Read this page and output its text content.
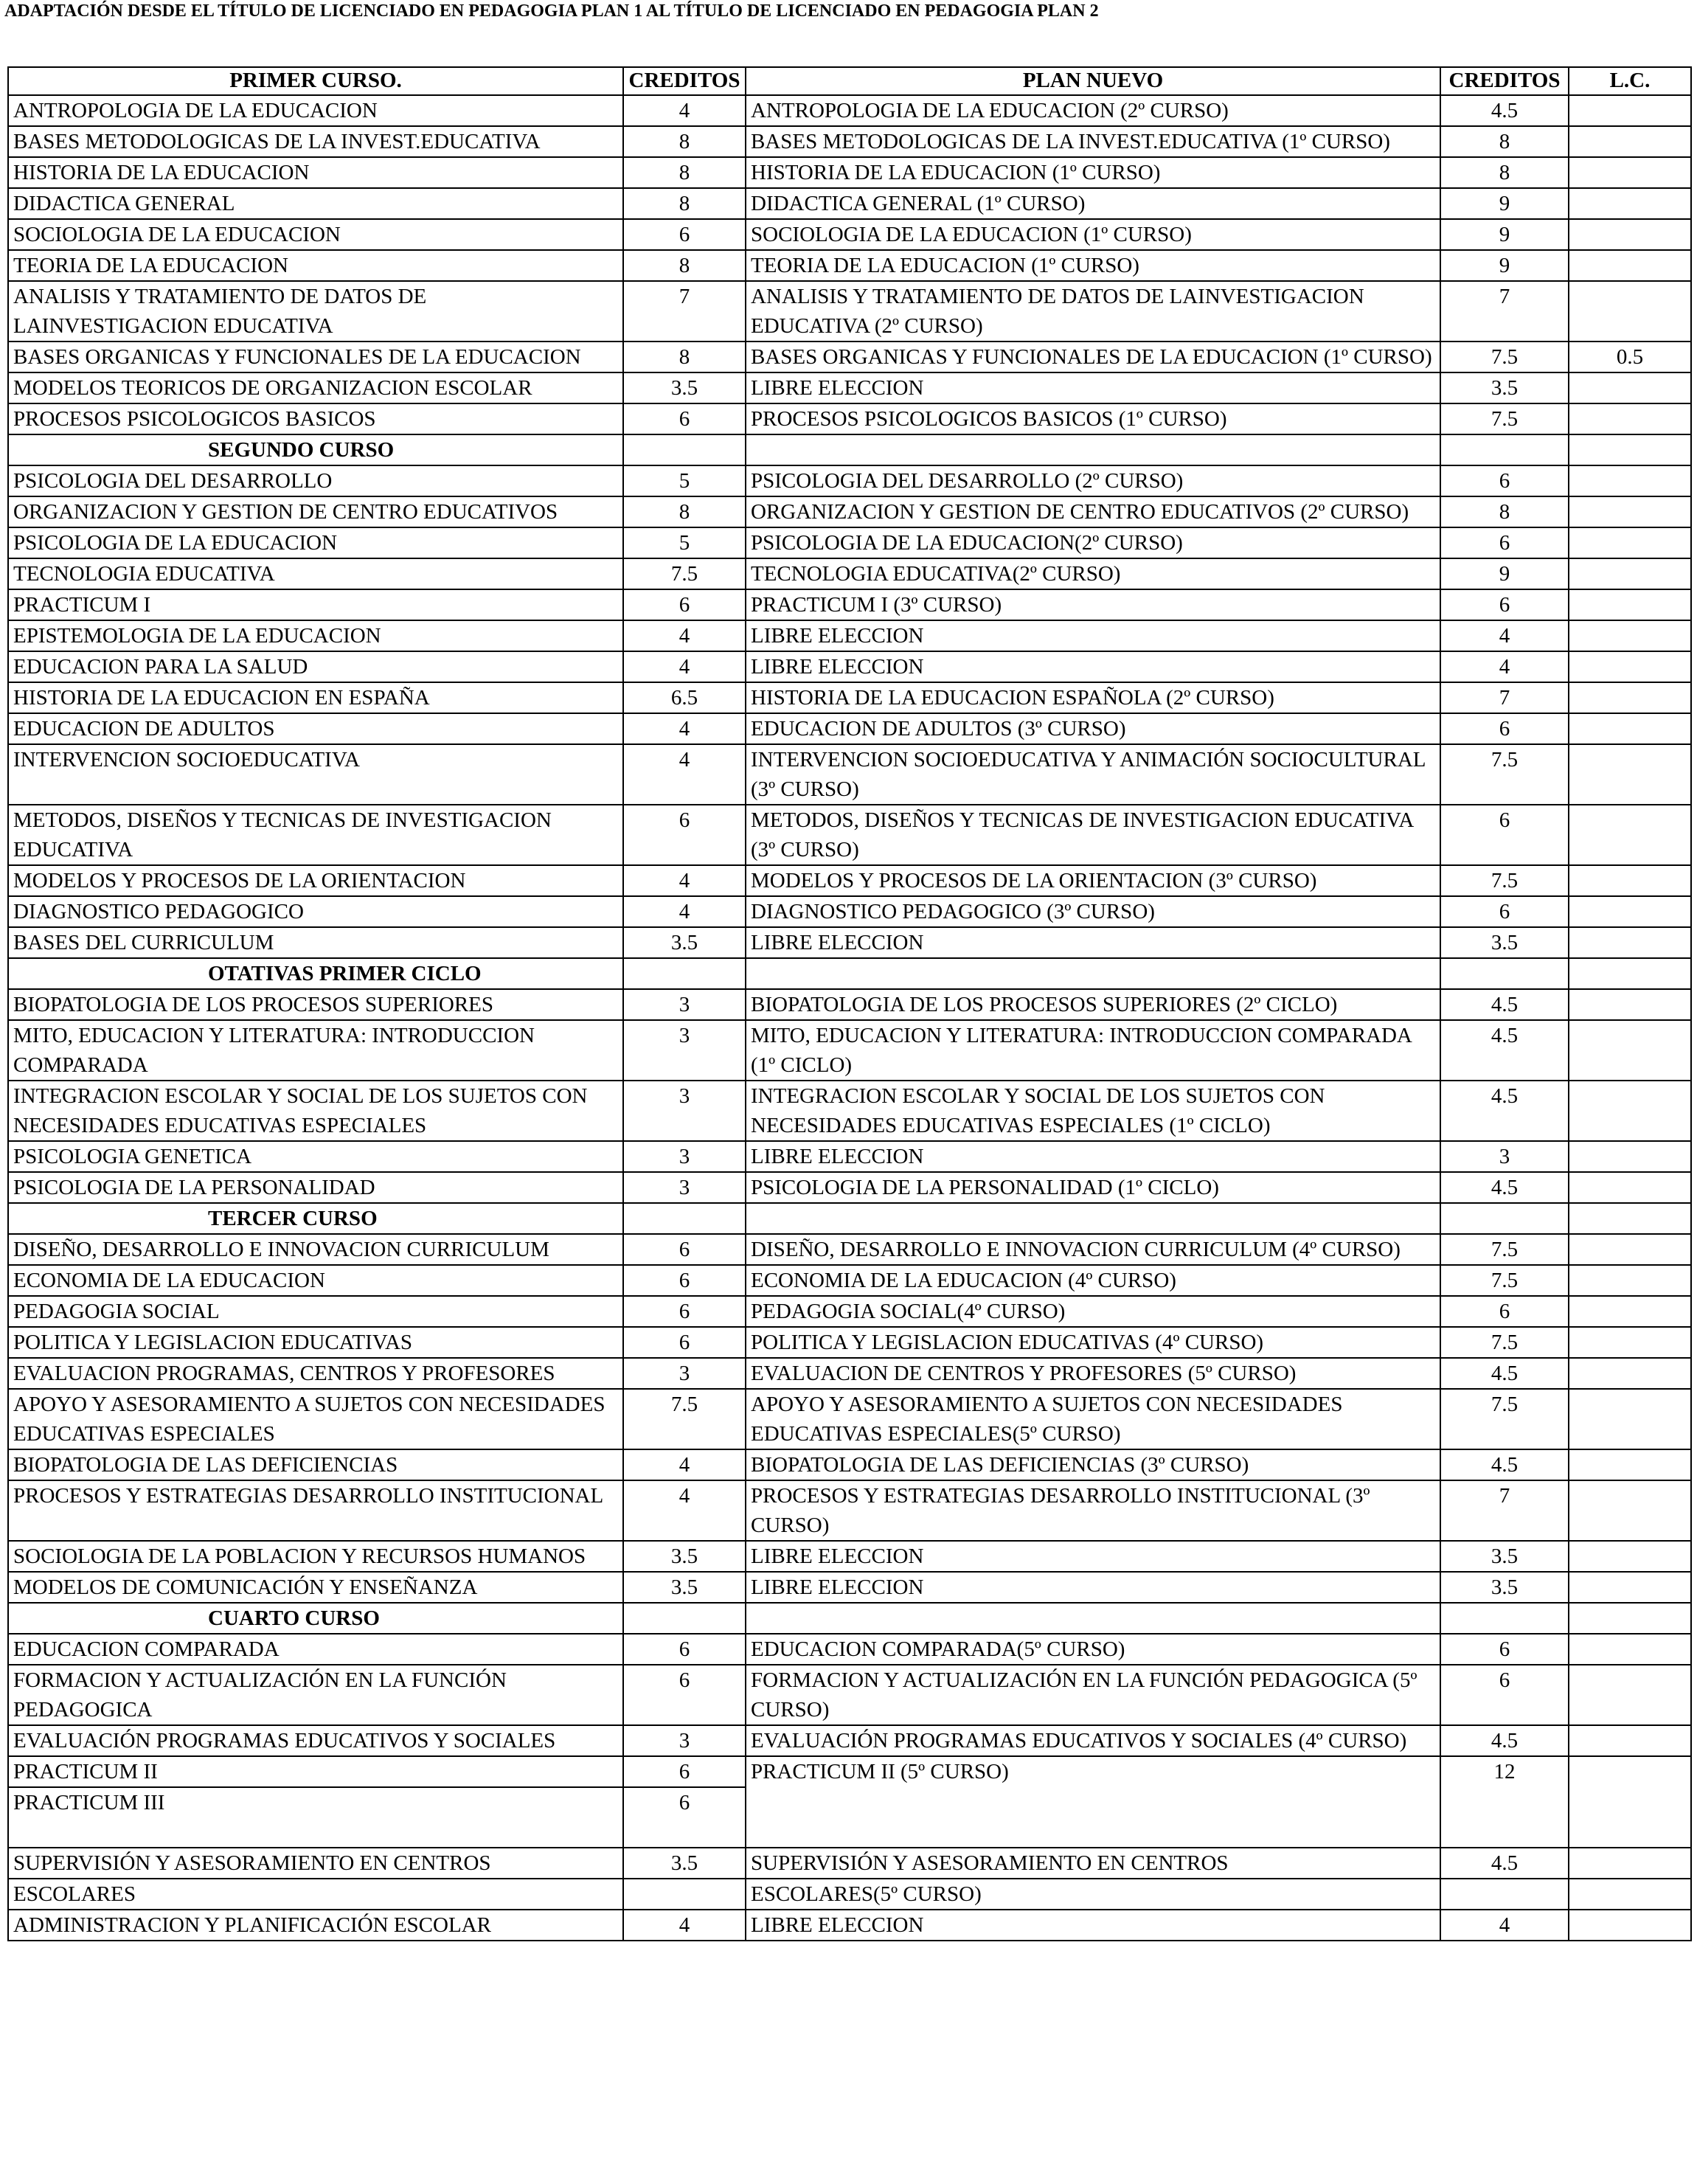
ADAPTACIÓN DESDE EL TÍTULO DE LICENCIADO EN PEDAGOGIA PLAN 1 AL TÍTULO DE LICENCIADO EN PEDAGOGIA PLAN 2
PRIMER CURSO.	CREDITOS	PLAN NUEVO	CREDITOS	L.C.
ANTROPOLOGIA DE LA EDUCACION	4	ANTROPOLOGIA DE LA EDUCACION (2º CURSO)	4.5	
BASES METODOLOGICAS DE LA INVEST.EDUCATIVA	8	BASES METODOLOGICAS DE LA INVEST.EDUCATIVA (1º CURSO)	8	
HISTORIA DE LA EDUCACION	8	HISTORIA DE LA EDUCACION (1º CURSO)	8	
DIDACTICA GENERAL	8	DIDACTICA GENERAL (1º CURSO)	9	
SOCIOLOGIA DE LA EDUCACION	6	SOCIOLOGIA DE LA EDUCACION (1º CURSO)	9	
TEORIA DE LA EDUCACION	8	TEORIA DE LA EDUCACION (1º CURSO)	9	
ANALISIS Y TRATAMIENTO DE DATOS DE LAINVESTIGACION EDUCATIVA	7	ANALISIS Y TRATAMIENTO DE DATOS DE LAINVESTIGACION EDUCATIVA (2º CURSO)	7	
BASES ORGANICAS Y FUNCIONALES DE LA EDUCACION	8	BASES ORGANICAS Y FUNCIONALES DE LA EDUCACION (1º CURSO)	7.5	0.5
MODELOS TEORICOS DE ORGANIZACION ESCOLAR	3.5	LIBRE ELECCION	3.5	
PROCESOS PSICOLOGICOS BASICOS	6	PROCESOS PSICOLOGICOS BASICOS (1º CURSO)	7.5	
SEGUNDO CURSO				
PSICOLOGIA DEL DESARROLLO	5	PSICOLOGIA DEL DESARROLLO (2º CURSO)	6	
ORGANIZACION Y GESTION DE CENTRO EDUCATIVOS	8	ORGANIZACION Y GESTION DE CENTRO EDUCATIVOS (2º CURSO)	8	
PSICOLOGIA DE LA EDUCACION	5	PSICOLOGIA DE LA EDUCACION(2º CURSO)	6	
TECNOLOGIA EDUCATIVA	7.5	TECNOLOGIA EDUCATIVA(2º CURSO)	9	
PRACTICUM I	6	PRACTICUM I (3º CURSO)	6	
EPISTEMOLOGIA DE LA EDUCACION	4	LIBRE ELECCION	4	
EDUCACION PARA LA SALUD	4	LIBRE ELECCION	4	
HISTORIA DE LA EDUCACION EN ESPAÑA	6.5	HISTORIA DE LA EDUCACION ESPAÑOLA (2º CURSO)	7	
EDUCACION DE ADULTOS	4	EDUCACION DE ADULTOS (3º CURSO)	6	
INTERVENCION SOCIOEDUCATIVA	4	INTERVENCION SOCIOEDUCATIVA Y ANIMACIÓN SOCIOCULTURAL (3º CURSO)	7.5	
METODOS, DISEÑOS Y TECNICAS DE INVESTIGACION EDUCATIVA	6	METODOS, DISEÑOS Y TECNICAS DE INVESTIGACION EDUCATIVA (3º CURSO)	6	
MODELOS Y PROCESOS DE LA ORIENTACION	4	MODELOS Y PROCESOS DE LA ORIENTACION (3º CURSO)	7.5	
DIAGNOSTICO PEDAGOGICO	4	DIAGNOSTICO PEDAGOGICO (3º CURSO)	6	
BASES DEL CURRICULUM	3.5	LIBRE ELECCION	3.5	
OTATIVAS PRIMER CICLO				
BIOPATOLOGIA DE LOS PROCESOS SUPERIORES	3	BIOPATOLOGIA DE LOS PROCESOS SUPERIORES (2º CICLO)	4.5	
MITO, EDUCACION Y LITERATURA: INTRODUCCION COMPARADA	3	MITO, EDUCACION Y LITERATURA: INTRODUCCION COMPARADA (1º CICLO)	4.5	
INTEGRACION ESCOLAR Y SOCIAL DE LOS SUJETOS CON NECESIDADES EDUCATIVAS ESPECIALES	3	INTEGRACION ESCOLAR Y SOCIAL DE LOS SUJETOS CON NECESIDADES EDUCATIVAS ESPECIALES (1º CICLO)	4.5	
PSICOLOGIA GENETICA	3	LIBRE ELECCION	3	
PSICOLOGIA DE LA PERSONALIDAD	3	PSICOLOGIA DE LA PERSONALIDAD (1º CICLO)	4.5	
TERCER CURSO				
DISEÑO, DESARROLLO E INNOVACION CURRICULUM	6	DISEÑO, DESARROLLO E INNOVACION CURRICULUM (4º CURSO)	7.5	
ECONOMIA DE LA EDUCACION	6	ECONOMIA DE LA EDUCACION (4º CURSO)	7.5	
PEDAGOGIA SOCIAL	6	PEDAGOGIA SOCIAL(4º CURSO)	6	
POLITICA Y LEGISLACION EDUCATIVAS	6	POLITICA Y LEGISLACION EDUCATIVAS (4º CURSO)	7.5	
EVALUACION PROGRAMAS, CENTROS Y PROFESORES	3	EVALUACION DE CENTROS Y PROFESORES (5º CURSO)	4.5	
APOYO Y ASESORAMIENTO A SUJETOS CON NECESIDADES EDUCATIVAS ESPECIALES	7.5	APOYO Y ASESORAMIENTO A SUJETOS CON NECESIDADES EDUCATIVAS ESPECIALES(5º CURSO)	7.5	
BIOPATOLOGIA DE LAS DEFICIENCIAS	4	BIOPATOLOGIA DE LAS DEFICIENCIAS (3º CURSO)	4.5	
PROCESOS Y ESTRATEGIAS DESARROLLO INSTITUCIONAL	4	PROCESOS Y ESTRATEGIAS DESARROLLO INSTITUCIONAL (3º CURSO)	7	
SOCIOLOGIA DE LA POBLACION Y RECURSOS HUMANOS	3.5	LIBRE ELECCION	3.5	
MODELOS DE COMUNICACIÓN Y ENSEÑANZA	3.5	LIBRE ELECCION	3.5	
CUARTO CURSO				
EDUCACION COMPARADA	6	EDUCACION COMPARADA(5º CURSO)	6	
FORMACION Y ACTUALIZACIÓN EN LA FUNCIÓN PEDAGOGICA	6	FORMACION Y ACTUALIZACIÓN EN LA FUNCIÓN PEDAGOGICA (5º CURSO)	6	
EVALUACIÓN PROGRAMAS EDUCATIVOS Y SOCIALES	3	EVALUACIÓN PROGRAMAS EDUCATIVOS Y SOCIALES (4º CURSO)	4.5	
PRACTICUM II	6	PRACTICUM II (5º CURSO)	12	
PRACTICUM III	6			
SUPERVISIÓN Y ASESORAMIENTO EN CENTROS	3.5	SUPERVISIÓN Y ASESORAMIENTO EN CENTROS	4.5	
ESCOLARES		ESCOLARES(5º CURSO)		
ADMINISTRACION Y PLANIFICACIÓN ESCOLAR	4	LIBRE ELECCION	4	
